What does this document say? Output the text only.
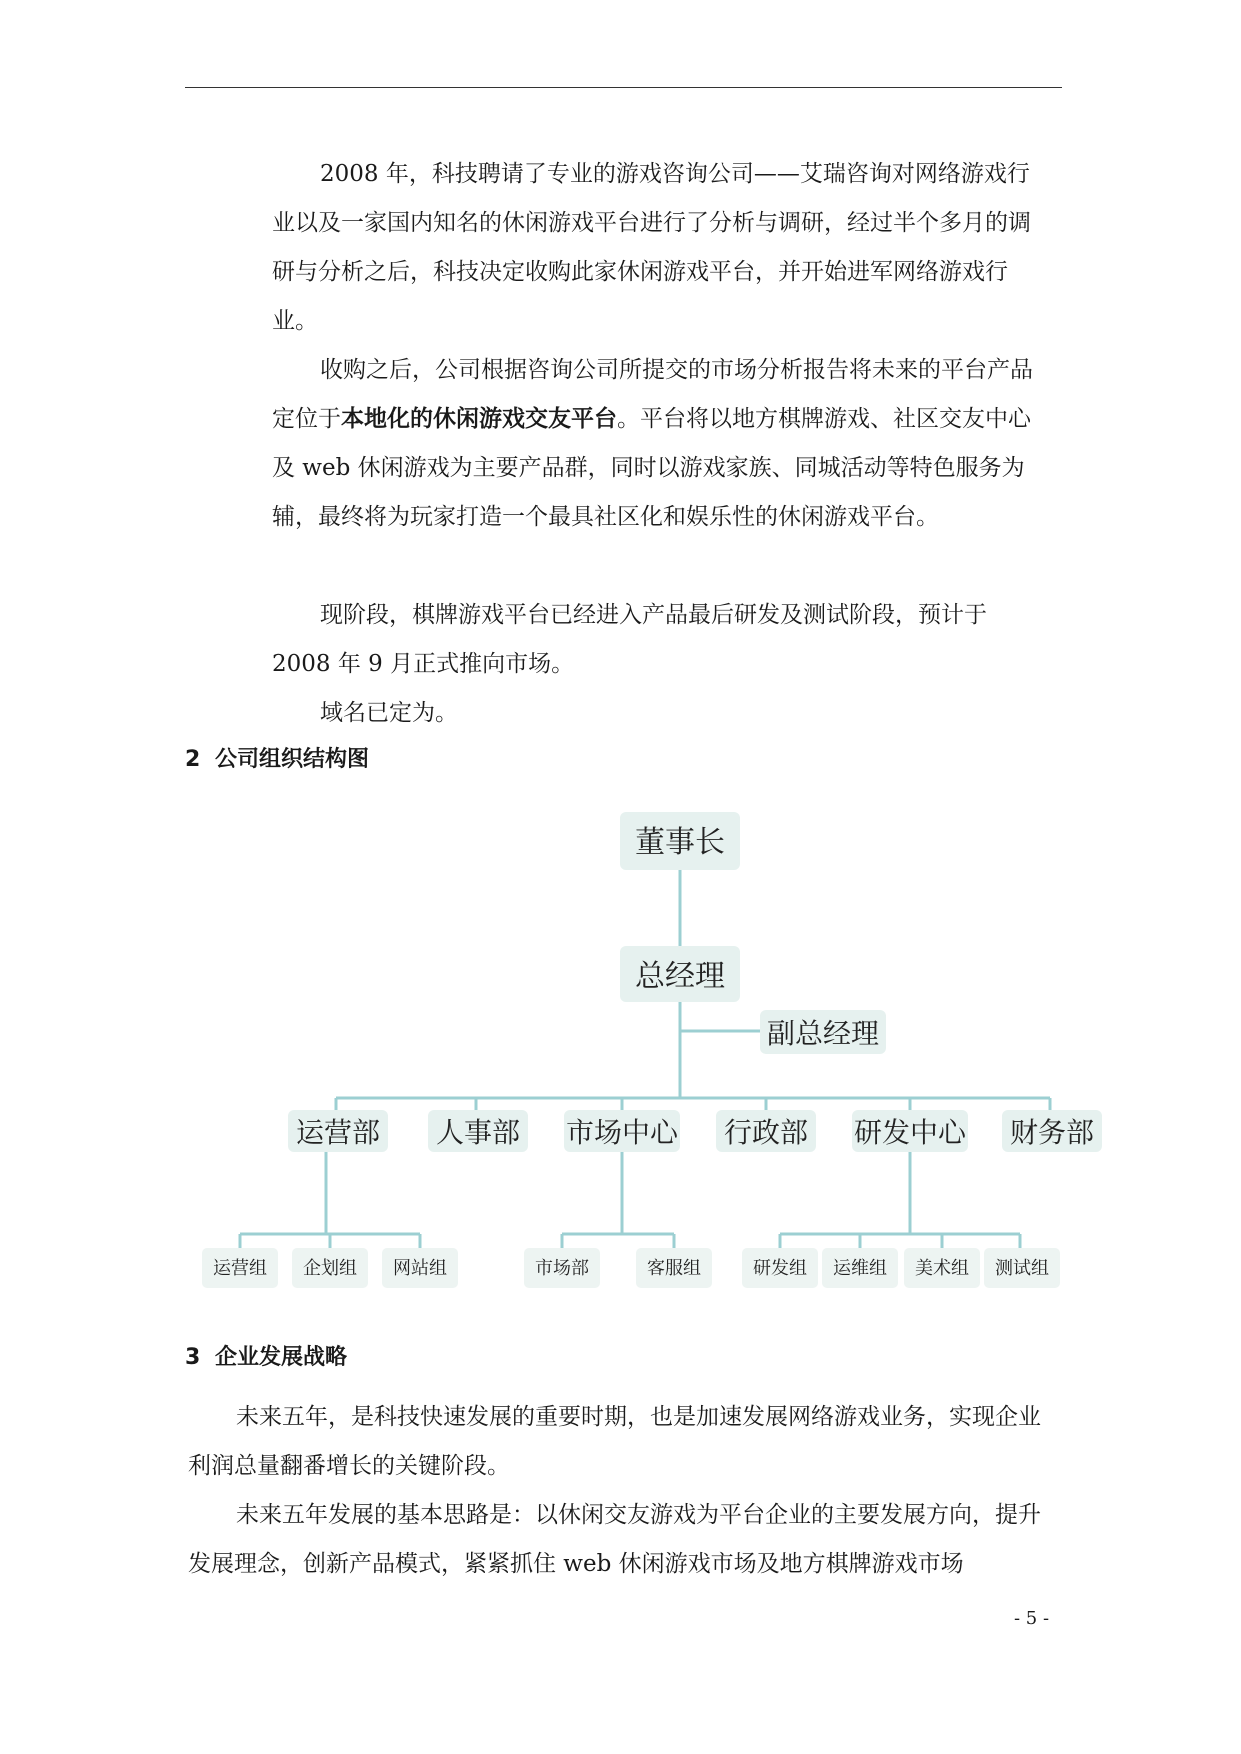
2008 年，科技聘请了专业的游戏咨询公司——艾瑞咨询对网络游戏行业以及一家国内知名的休闲游戏平台进行了分析与调研，经过半个多月的调研与分析之后，科技决定收购此家休闲游戏平台，并开始进军网络游戏行业。

收购之后，公司根据咨询公司所提交的市场分析报告将未来的平台产品定位于本地化的休闲游戏交友平台。平台将以地方棋牌游戏、社区交友中心及 web 休闲游戏为主要产品群，同时以游戏家族、同城活动等特色服务为辅，最终将为玩家打造一个最具社区化和娱乐性的休闲游戏平台。

现阶段，棋牌游戏平台已经进入产品最后研发及测试阶段，预计于 2008 年 9 月正式推向市场。

域名已定为。

2 公司组织结构图
董事长
总经理
副总经理
运营部 人事部 市场中心 行政部 研发中心 财务部
运营组 企划组 网站组	市场部	客服组	研发组 运维组 美术组 测试组
3 企业发展战略

未来五年，是科技快速发展的重要时期，也是加速发展网络游戏业务，实现企业利润总量翻番增长的关键阶段。

未来五年发展的基本思路是：以休闲交友游戏为平台企业的主要发展方向，提升发展理念，创新产品模式，紧紧抓住 web 休闲游戏市场及地方棋牌游戏市场

- 5 -
